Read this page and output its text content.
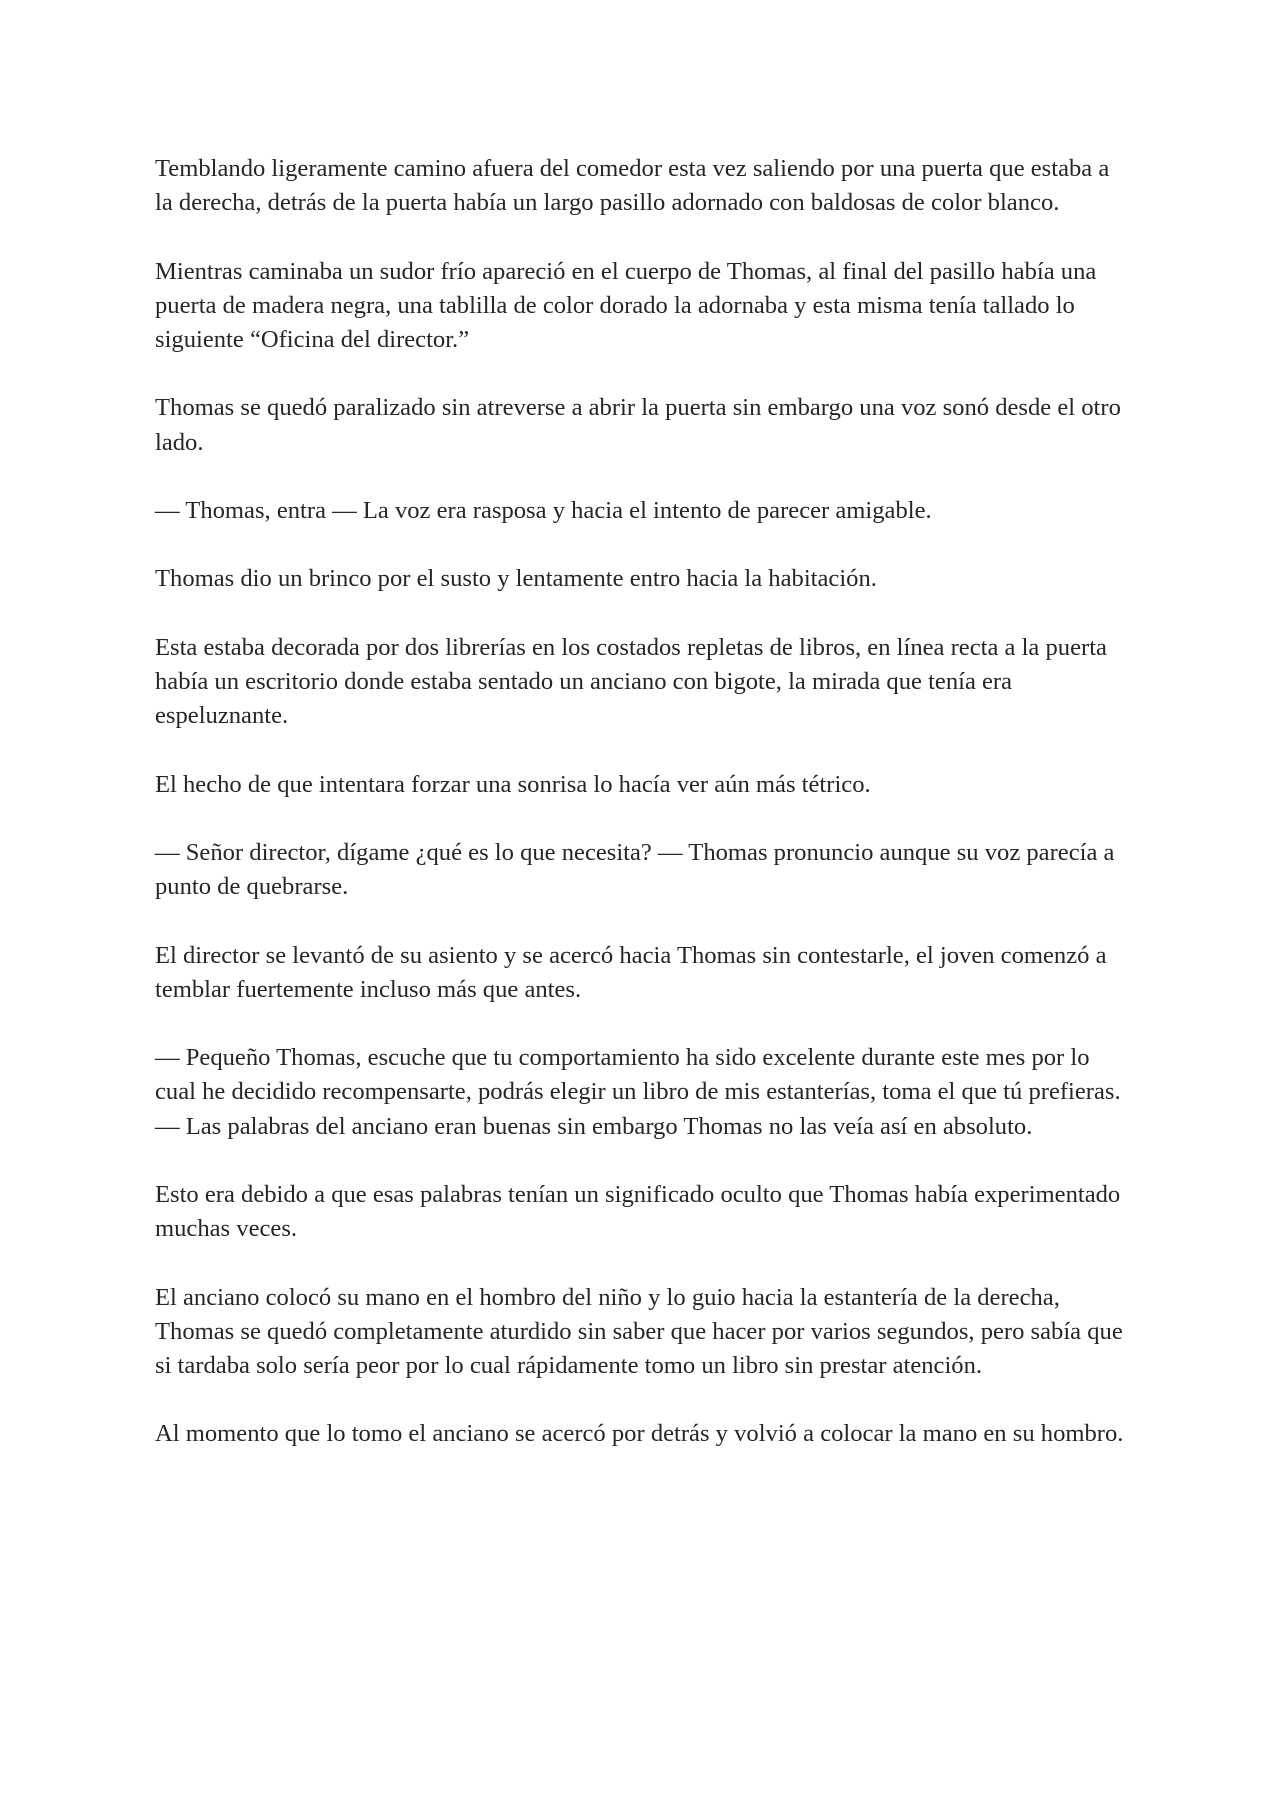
Temblando ligeramente camino afuera del comedor esta vez saliendo por una puerta que estaba a la derecha, detrás de la puerta había un largo pasillo adornado con baldosas de color blanco.

Mientras caminaba un sudor frío apareció en el cuerpo de Thomas, al final del pasillo había una puerta de madera negra, una tablilla de color dorado la adornaba y esta misma tenía tallado lo siguiente “Oficina del director.”

Thomas se quedó paralizado sin atreverse a abrir la puerta sin embargo una voz sonó desde el otro lado.

— Thomas, entra — La voz era rasposa y hacia el intento de parecer amigable.

Thomas dio un brinco por el susto y lentamente entro hacia la habitación.

Esta estaba decorada por dos librerías en los costados repletas de libros, en línea recta a la puerta había un escritorio donde estaba sentado un anciano con bigote, la mirada que tenía era espeluznante.

El hecho de que intentara forzar una sonrisa lo hacía ver aún más tétrico.

— Señor director, dígame ¿qué es lo que necesita? — Thomas pronuncio aunque su voz parecía a punto de quebrarse.

El director se levantó de su asiento y se acercó hacia Thomas sin contestarle, el joven comenzó a temblar fuertemente incluso más que antes.

— Pequeño Thomas, escuche que tu comportamiento ha sido excelente durante este mes por lo cual he decidido recompensarte, podrás elegir un libro de mis estanterías, toma el que tú prefieras. — Las palabras del anciano eran buenas sin embargo Thomas no las veía así en absoluto.

Esto era debido a que esas palabras tenían un significado oculto que Thomas había experimentado muchas veces.

El anciano colocó su mano en el hombro del niño y lo guio hacia la estantería de la derecha, Thomas se quedó completamente aturdido sin saber que hacer por varios segundos, pero sabía que si tardaba solo sería peor por lo cual rápidamente tomo un libro sin prestar atención.

Al momento que lo tomo el anciano se acercó por detrás y volvió a colocar la mano en su hombro.
